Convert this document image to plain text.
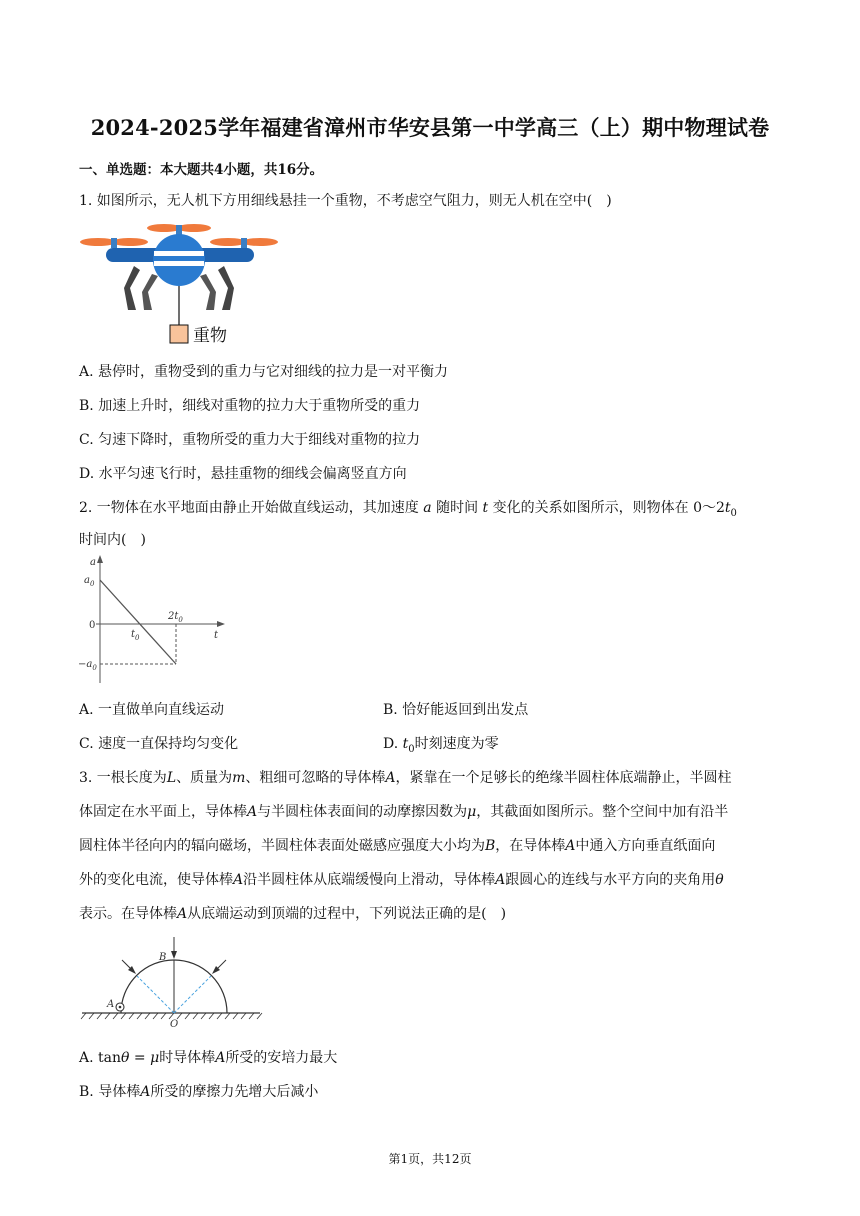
2024-2025学年福建省漳州市华安县第一中学高三（上）期中物理试卷
一、单选题：本大题共4小题，共16分。
1. 如图所示，无人机下方用细线悬挂一个重物，不考虑空气阻力，则无人机在空中(　)
重物
A. 悬停时，重物受到的重力与它对细线的拉力是一对平衡力
B. 加速上升时，细线对重物的拉力大于重物所受的重力
C. 匀速下降时，重物所受的重力大于细线对重物的拉力
D. 水平匀速飞行时，悬挂重物的细线会偏离竖直方向
2. 一物体在水平地面由静止开始做直线运动，其加速度 a 随时间 t 变化的关系如图所示，则物体在 $0\sim 2t_0$
时间内(　)
a
$a_0$
0
$t_0$
$2t_0$
t
$-a_0$
A. 一直做单向直线运动	B. 恰好能返回到出发点
C. 速度一直保持均匀变化	D. $t_0$时刻速度为零
3. 一根长度为L、质量为m、粗细可忽略的导体棒A，紧靠在一个足够长的绝缘半圆柱体底端静止，半圆柱
体固定在水平面上，导体棒A与半圆柱体表面间的动摩擦因数为μ，其截面如图所示。整个空间中加有沿半
圆柱体半径向内的辐向磁场，半圆柱体表面处磁感应强度大小均为B，在导体棒A中通入方向垂直纸面向
外的变化电流，使导体棒A沿半圆柱体从底端缓慢向上滑动，导体棒A跟圆心的连线与水平方向的夹角用θ
表示。在导体棒A从底端运动到顶端的过程中，下列说法正确的是(　)
B
A
O
A. tanθ = μ时导体棒A所受的安培力最大
B. 导体棒A所受的摩擦力先增大后减小
第1页，共12页
